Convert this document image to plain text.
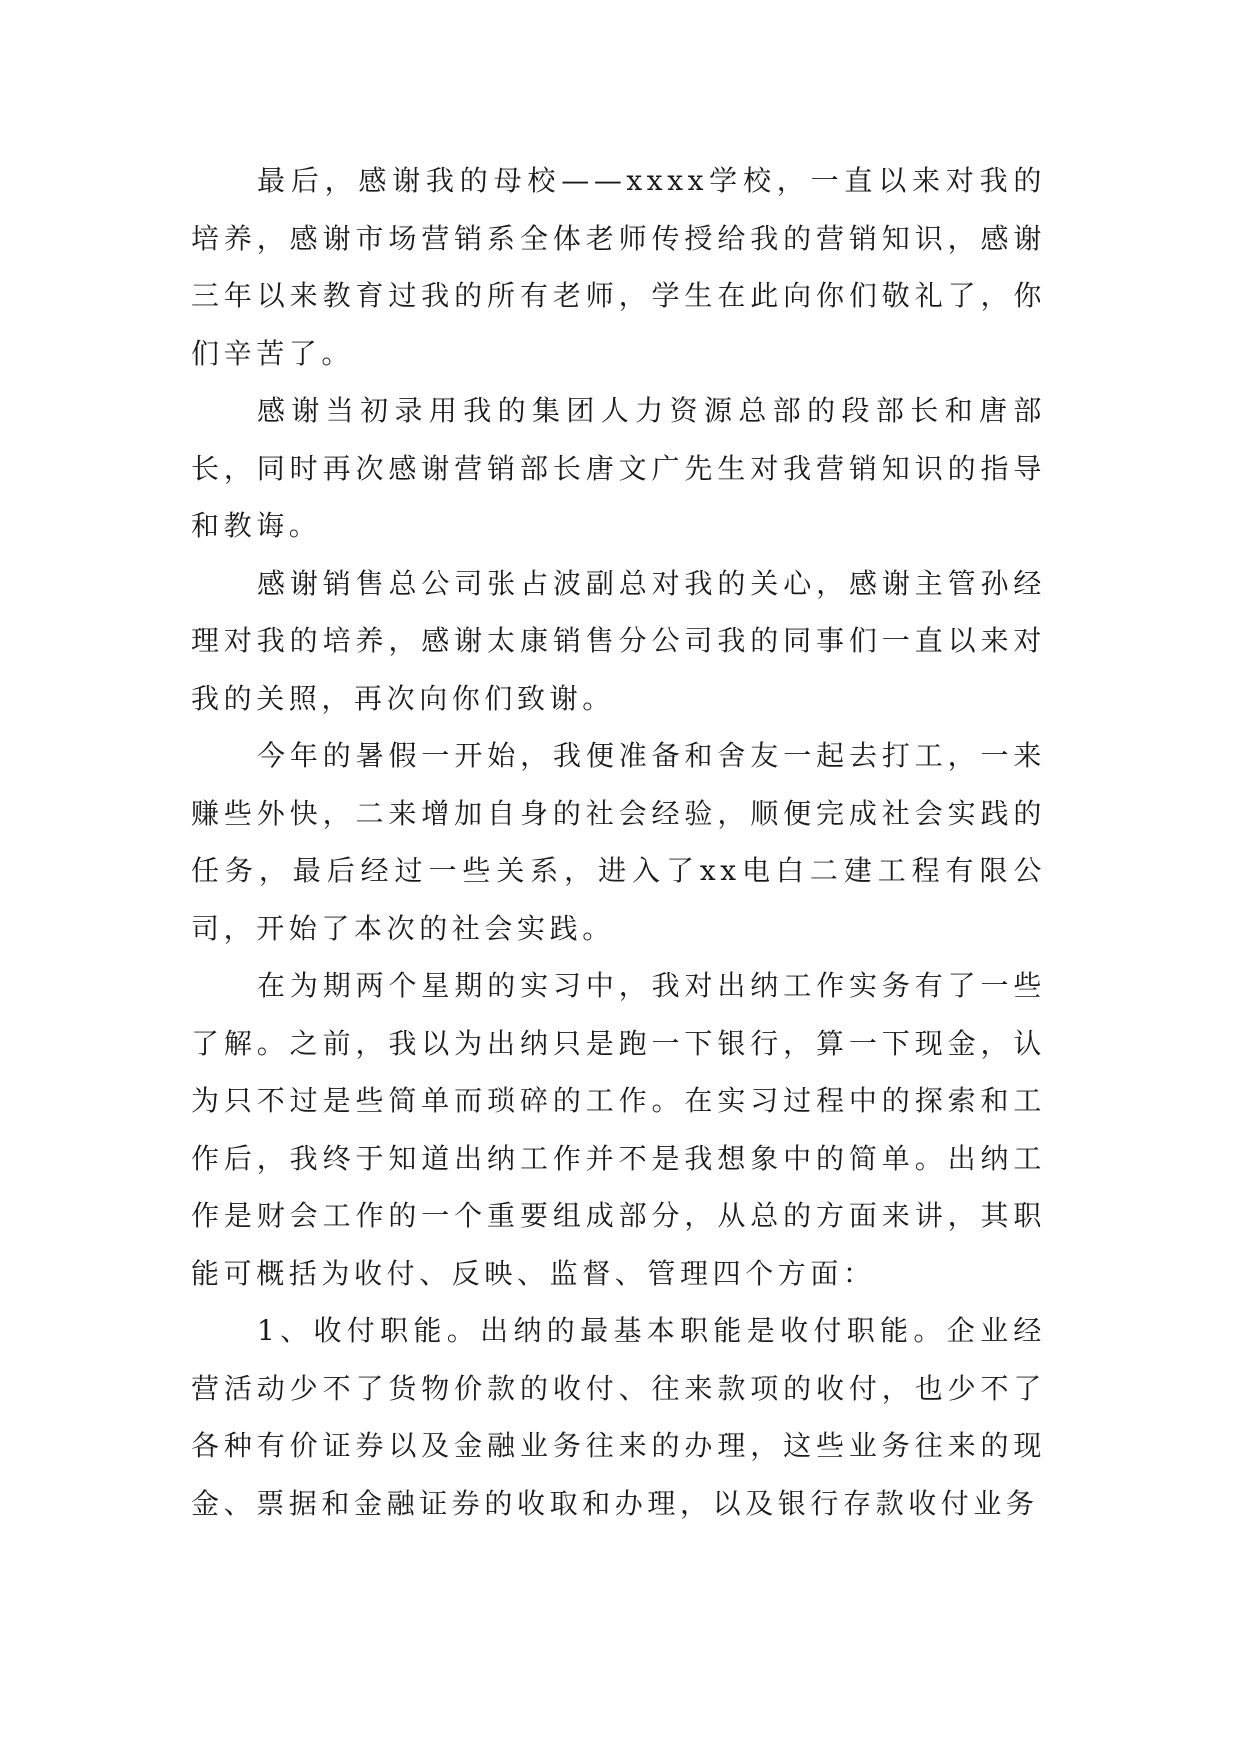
最后，感谢我的母校——xxxx学校，一直以来对我的培养，感谢市场营销系全体老师传授给我的营销知识，感谢三年以来教育过我的所有老师，学生在此向你们敬礼了，你们辛苦了。

感谢当初录用我的集团人力资源总部的段部长和唐部长，同时再次感谢营销部长唐文广先生对我营销知识的指导和教诲。

感谢销售总公司张占波副总对我的关心，感谢主管孙经理对我的培养，感谢太康销售分公司我的同事们一直以来对我的关照，再次向你们致谢。

今年的暑假一开始，我便准备和舍友一起去打工，一来赚些外快，二来增加自身的社会经验，顺便完成社会实践的任务，最后经过一些关系，进入了xx电白二建工程有限公司，开始了本次的社会实践。

在为期两个星期的实习中，我对出纳工作实务有了一些了解。之前，我以为出纳只是跑一下银行，算一下现金，认为只不过是些简单而琐碎的工作。在实习过程中的探索和工作后，我终于知道出纳工作并不是我想象中的简单。出纳工作是财会工作的一个重要组成部分，从总的方面来讲，其职能可概括为收付、反映、监督、管理四个方面：

1、收付职能。出纳的最基本职能是收付职能。企业经营活动少不了货物价款的收付、往来款项的收付，也少不了各种有价证券以及金融业务往来的办理，这些业务往来的现金、票据和金融证券的收取和办理，以及银行存款收付业务
